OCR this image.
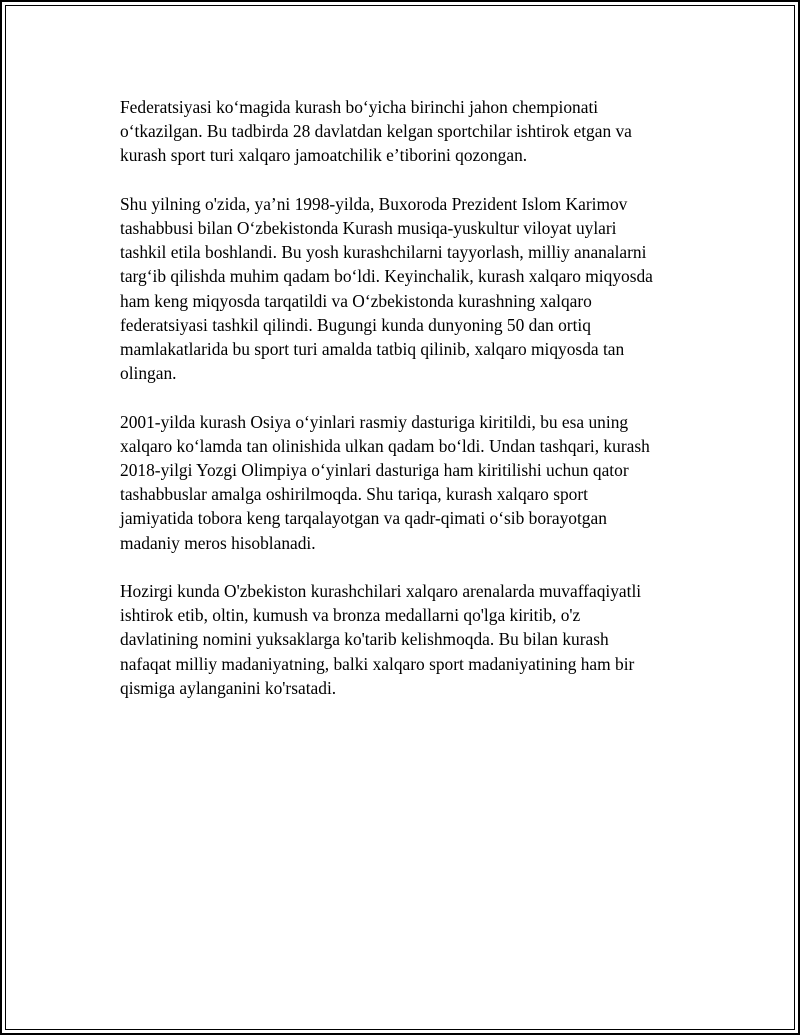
Federatsiyasi koʻmagida kurash boʻyicha birinchi jahon chempionati
oʻtkazilgan. Bu tadbirda 28 davlatdan kelgan sportchilar ishtirok etgan va
kurash sport turi xalqaro jamoatchilik eʼtiborini qozongan.

Shu yilning o'zida, yaʼni 1998-yilda, Buxoroda Prezident Islom Karimov
tashabbusi bilan Oʻzbekistonda Kurash musiqa-yuskultur viloyat uylari
tashkil etila boshlandi. Bu yosh kurashchilarni tayyorlash, milliy ananalarni
targʻib qilishda muhim qadam boʻldi. Keyinchalik, kurash xalqaro miqyosda
ham keng miqyosda tarqatildi va Oʻzbekistonda kurashning xalqaro
federatsiyasi tashkil qilindi. Bugungi kunda dunyoning 50 dan ortiq
mamlakatlarida bu sport turi amalda tatbiq qilinib, xalqaro miqyosda tan
olingan.

2001-yilda kurash Osiya oʻyinlari rasmiy dasturiga kiritildi, bu esa uning
xalqaro koʻlamda tan olinishida ulkan qadam boʻldi. Undan tashqari, kurash
2018-yilgi Yozgi Olimpiya oʻyinlari dasturiga ham kiritilishi uchun qator
tashabbuslar amalga oshirilmoqda. Shu tariqa, kurash xalqaro sport
jamiyatida tobora keng tarqalayotgan va qadr-qimati oʻsib borayotgan
madaniy meros hisoblanadi.

Hozirgi kunda O'zbekiston kurashchilari xalqaro arenalarda muvaffaqiyatli
ishtirok etib, oltin, kumush va bronza medallarni qo'lga kiritib, o'z
davlatining nomini yuksaklarga ko'tarib kelishmoqda. Bu bilan kurash
nafaqat milliy madaniyatning, balki xalqaro sport madaniyatining ham bir
qismiga aylanganini ko'rsatadi.
